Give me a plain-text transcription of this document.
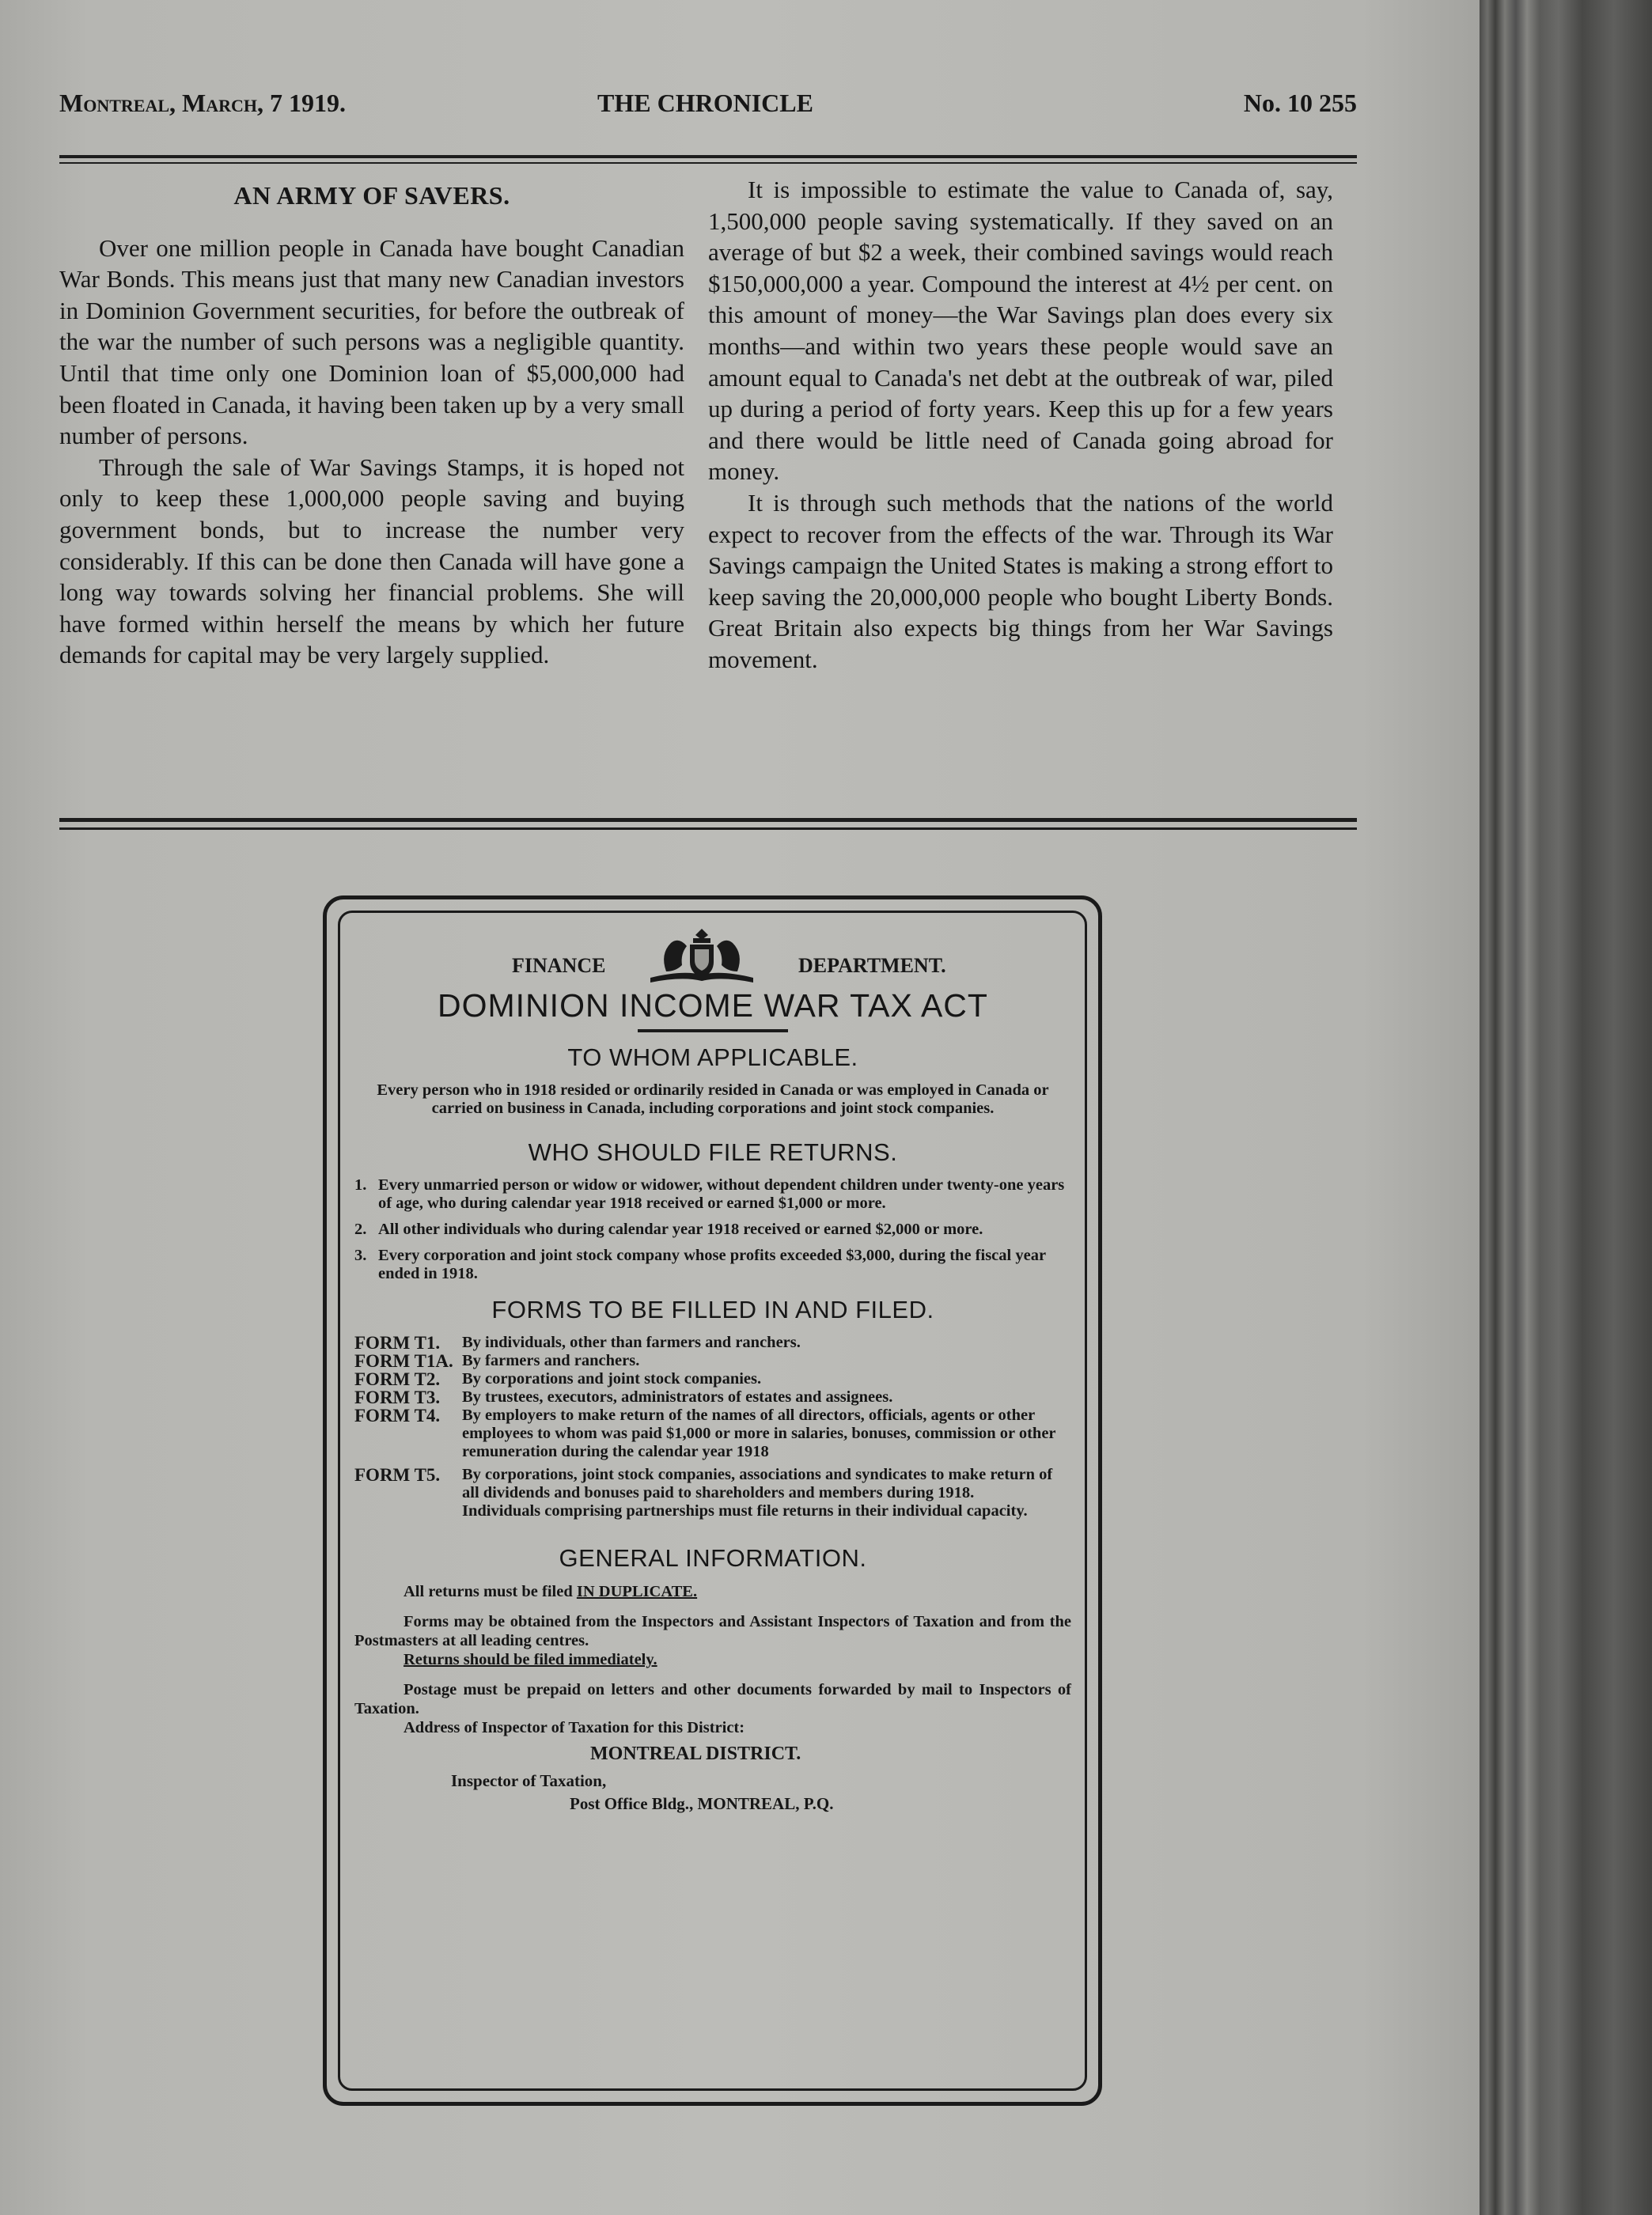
Montreal, March, 7 1919.	THE CHRONICLE	No. 10 255
AN ARMY OF SAVERS.

Over one million people in Canada have bought Canadian War Bonds. This means just that many new Canadian investors in Dominion Government securities, for before the outbreak of the war the number of such persons was a negligible quantity. Until that time only one Dominion loan of $5,000,000 had been floated in Canada, it having been taken up by a very small number of persons.

Through the sale of War Savings Stamps, it is hoped not only to keep these 1,000,000 people saving and buying government bonds, but to increase the number very considerably. If this can be done then Canada will have gone a long way towards solving her financial problems. She will have formed within herself the means by which her future demands for capital may be very largely supplied.

It is impossible to estimate the value to Canada of, say, 1,500,000 people saving systematically. If they saved on an average of but $2 a week, their combined savings would reach $150,000,000 a year. Compound the interest at 4½ per cent. on this amount of money—the War Savings plan does every six months—and within two years these people would save an amount equal to Canada's net debt at the outbreak of war, piled up during a period of forty years. Keep this up for a few years and there would be little need of Canada going abroad for money.

It is through such methods that the nations of the world expect to recover from the effects of the war. Through its War Savings campaign the United States is making a strong effort to keep saving the 20,000,000 people who bought Liberty Bonds. Great Britain also expects big things from her War Savings movement.

FINANCE	DEPARTMENT.
DOMINION INCOME WAR TAX ACT
TO WHOM APPLICABLE.
Every person who in 1918 resided or ordinarily resided in Canada or was employed in Canada or carried on business in Canada, including corporations and joint stock companies.
WHO SHOULD FILE RETURNS.
1. Every unmarried person or widow or widower, without dependent children under twenty-one years of age, who during calendar year 1918 received or earned $1,000 or more.
2. All other individuals who during calendar year 1918 received or earned $2,000 or more.
3. Every corporation and joint stock company whose profits exceeded $3,000, during the fiscal year ended in 1918.
FORMS TO BE FILLED IN AND FILED.
FORM T1.	By individuals, other than farmers and ranchers.
FORM T1A. By farmers and ranchers.
FORM T2.	By corporations and joint stock companies.
FORM T3.	By trustees, executors, administrators of estates and assignees.
FORM T4.	By employers to make return of the names of all directors, officials, agents or other employees to whom was paid $1,000 or more in salaries, bonuses, commission or other remuneration during the calendar year 1918
FORM T5.	By corporations, joint stock companies, associations and syndicates to make return of all dividends and bonuses paid to shareholders and members during 1918.
Individuals comprising partnerships must file returns in their individual capacity.
GENERAL INFORMATION.
All returns must be filed IN DUPLICATE.
Forms may be obtained from the Inspectors and Assistant Inspectors of Taxation and from the Postmasters at all leading centres.
Returns should be filed immediately.
Postage must be prepaid on letters and other documents forwarded by mail to Inspectors of Taxation.
Address of Inspector of Taxation for this District:
MONTREAL DISTRICT.
Inspector of Taxation,
Post Office Bldg., MONTREAL, P.Q.
